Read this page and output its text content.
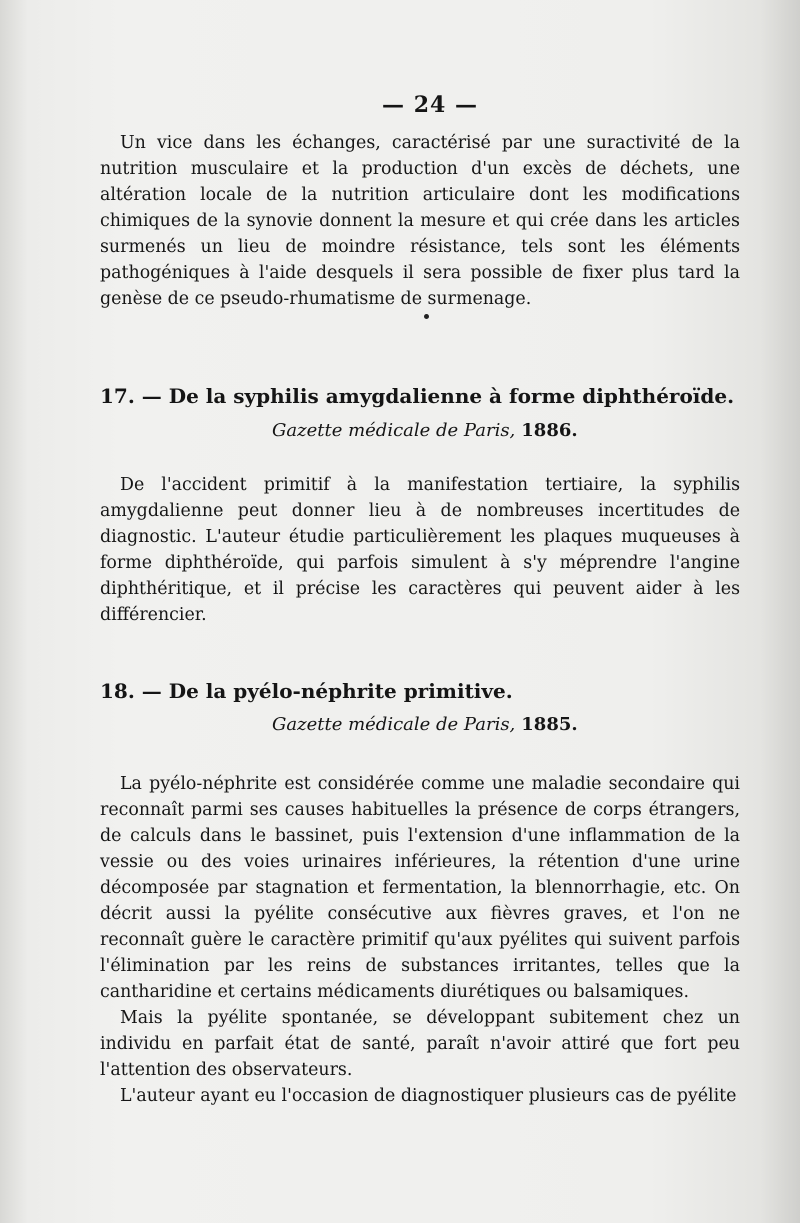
— 24 —

Un vice dans les échanges, caractérisé par une suractivité de la nutrition musculaire et la production d'un excès de déchets, une altération locale de la nutrition articulaire dont les modifications chimiques de la synovie donnent la mesure et qui crée dans les articles surmenés un lieu de moindre résistance, tels sont les éléments pathogéniques à l'aide desquels il sera possible de fixer plus tard la genèse de ce pseudo-rhumatisme de surmenage.

17. — De la syphilis amygdalienne à forme diphthéroïde.
Gazette médicale de Paris, 1886.

De l'accident primitif à la manifestation tertiaire, la syphilis amygdalienne peut donner lieu à de nombreuses incertitudes de diagnostic. L'auteur étudie particulièrement les plaques muqueuses à forme diphthéroïde, qui parfois simulent à s'y méprendre l'angine diphthéritique, et il précise les caractères qui peuvent aider à les différencier.

18. — De la pyélo-néphrite primitive.
Gazette médicale de Paris, 1885.

La pyélo-néphrite est considérée comme une maladie secondaire qui reconnaît parmi ses causes habituelles la présence de corps étrangers, de calculs dans le bassinet, puis l'extension d'une inflammation de la vessie ou des voies urinaires inférieures, la rétention d'une urine décomposée par stagnation et fermentation, la blennorrhagie, etc. On décrit aussi la pyélite consécutive aux fièvres graves, et l'on ne reconnaît guère le caractère primitif qu'aux pyélites qui suivent parfois l'élimination par les reins de substances irritantes, telles que la cantharidine et certains médicaments diurétiques ou balsamiques.

Mais la pyélite spontanée, se développant subitement chez un individu en parfait état de santé, paraît n'avoir attiré que fort peu l'attention des observateurs.

L'auteur ayant eu l'occasion de diagnostiquer plusieurs cas de pyélite
